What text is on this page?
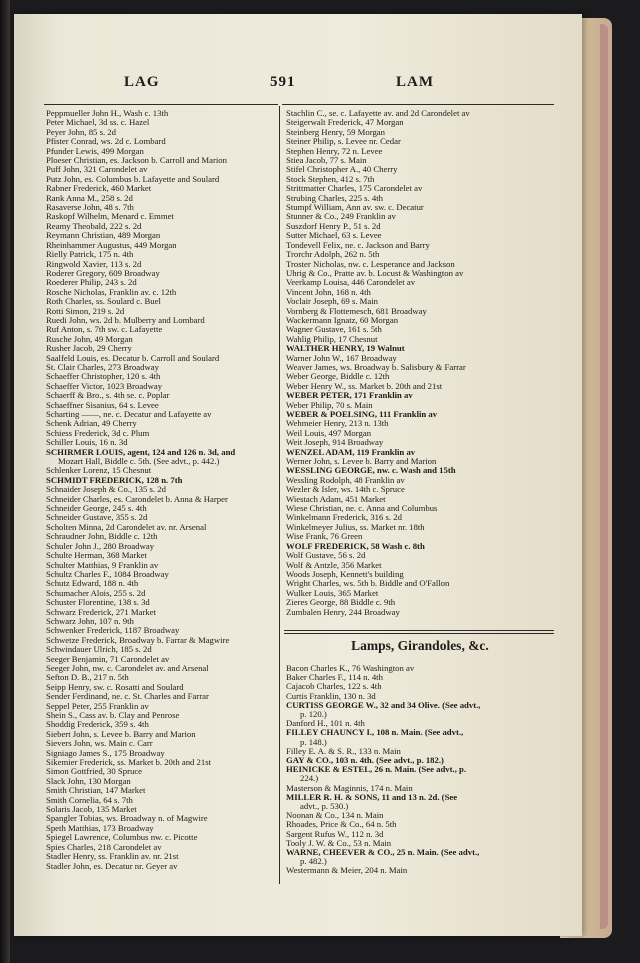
LAG	591	LAM
Peppmueller John H., Wash c. 13th
Peter Michael, 3d ss. c. Hazel
Peyer John, 85 s. 2d
Pfister Conrad, ws. 2d c. Lombard
Pfunder Lewis, 499 Morgan
Ploeser Christian, es. Jackson b. Carroll and Marion
Puff John, 321 Carondelet av
Putz John, es. Columbus b. Lafayette and Soulard
Rabner Frederick, 460 Market
Rank Anna M., 258 s. 2d
Rasaverse John, 48 s. 7th
Raskopf Wilhelm, Menard c. Emmet
Reamy Theobald, 222 s. 2d
Reymann Christian, 489 Morgan
Rheinhammer Augustus, 449 Morgan
Rielly Patrick, 175 n. 4th
Ringwold Xavier, 113 s. 2d
Roderer Gregory, 609 Broadway
Roederer Philip, 243 s. 2d
Rosche Nicholas, Franklin av. c. 12th
Roth Charles, ss. Soulard c. Buel
Rotti Simon, 219 s. 2d
Ruedi John, ws. 2d b. Mulberry and Lombard
Ruf Anton, s. 7th sw. c. Lafayette
Rusche John, 49 Morgan
Rusher Jacob, 29 Cherry
Saalfeld Louis, es. Decatur b. Carroll and Soulard
St. Clair Charles, 273 Broadway
Schaeffer Christopher, 120 s. 4th
Schaeffer Victor, 1023 Broadway
Schaerff & Bro., s. 4th se. c. Poplar
Schaeffner Sisanius, 64 s. Levee
Scharting ——, ne. c. Decatur and Lafayette av
Schenk Adrian, 49 Cherry
Schiess Frederick, 3d c. Plum
Schiller Louis, 16 n. 3d
SCHIRMER LOUIS, agent, 124 and 126 n. 3d, and
Mozart Hall, Biddle c. 5th. (See advt., p. 442.)
Schlenker Lorenz, 15 Chesnut
SCHMIDT FREDERICK, 128 n. 7th
Schnaider Joseph & Co., 135 s. 2d
Schneider Charles, es. Carondelet b. Anna & Harper
Schneider George, 245 s. 4th
Schneider Gustave, 355 s. 2d
Scholten Minna, 2d Carondelet av. nr. Arsenal
Schraudner John, Biddle c. 12th
Schuler John J., 280 Broadway
Schulte Herman, 368 Market
Schulter Matthias, 9 Franklin av
Schultz Charles F., 1084 Broadway
Schutz Edward, 188 n. 4th
Schumacher Alois, 255 s. 2d
Schuster Florentine, 138 s. 3d
Schwarz Frederick, 271 Market
Schwarz John, 107 n. 9th
Schwenker Frederick, 1187 Broadway
Schwetze Frederick, Broadway b. Farrar & Magwire
Schwindauer Ulrich, 185 s. 2d
Seeger Benjamin, 71 Carondelet av
Seeger John, nw. c. Carondelet av. and Arsenal
Sefton D. B., 217 n. 5th
Seipp Henry, sw. c. Rosatti and Soulard
Sender Ferdinand, ne. c. St. Charles and Farrar
Seppel Peter, 255 Franklin av
Shein S., Cass av. b. Clay and Penrose
Shoddig Frederick, 359 s. 4th
Siebert John, s. Levee b. Barry and Marion
Sievers John, ws. Main c. Carr
Signiago James S., 175 Broadway
Sikemier Frederick, ss. Market b. 20th and 21st
Simon Gottfried, 30 Spruce
Slack John, 130 Morgan
Smith Christian, 147 Market
Smith Cornelia, 64 s. 7th
Solaris Jacob, 135 Market
Spangler Tobias, ws. Broadway n. of Magwire
Speth Matthias, 173 Broadway
Spiegel Lawrence, Columbus nw. c. Picotte
Spies Charles, 218 Carondelet av
Stadler Henry, ss. Franklin av. nr. 21st
Stadler John, es. Decatur nr. Geyer av
Stachlin C., se. c. Lafayette av. and 2d Carondelet av
Steigerwalt Frederick, 47 Morgan
Steinberg Henry, 59 Morgan
Steiner Philip, s. Levee nr. Cedar
Stephen Henry, 72 n. Levee
Stiea Jacob, 77 s. Main
Stifel Christopher A., 40 Cherry
Stock Stephen, 412 s. 7th
Strittmatter Charles, 175 Carondelet av
Strubing Charles, 225 s. 4th
Stumpf William, Ann av. sw. c. Decatur
Stunner & Co., 249 Franklin av
Suszdorf Henry P., 51 s. 2d
Sutter Michael, 63 s. Levee
Tondevell Felix, ne. c. Jackson and Barry
Trorchr Adolph, 262 n. 5th
Troster Nicholas, nw. c. Lesperance and Jackson
Uhrig & Co., Pratte av. b. Locust & Washington av
Veerkamp Louisa, 446 Carondelet av
Vincent John, 168 n. 4th
Voclair Joseph, 69 s. Main
Vornberg & Flottemesch, 681 Broadway
Wackermann Ignatz, 60 Morgan
Wagner Gustave, 161 s. 5th
Wahlig Philip, 17 Chesnut
WALTHER HENRY, 19 Walnut
Warner John W., 167 Broadway
Weaver James, ws. Broadway b. Salisbury & Farrar
Weber George, Biddle c. 12th
Weber Henry W., ss. Market b. 20th and 21st
WEBER PETER, 171 Franklin av
Weber Philip, 70 s. Main
WEBER & POELSING, 111 Franklin av
Wehmeier Henry, 213 n. 13th
Weil Louis, 497 Morgan
Weit Joseph, 914 Broadway
WENZEL ADAM, 119 Franklin av
Werner John, s. Levee b. Barry and Marion
WESSLING GEORGE, nw. c. Wash and 15th
Wessling Rodolph, 48 Franklin av
Wezler & Isler, ws. 14th c. Spruce
Wiestach Adam, 451 Market
Wiese Christian, ne. c. Anna and Columbus
Winkelmann Frederick, 316 s. 2d
Winkelmeyer Julius, ss. Market nr. 18th
Wise Frank, 76 Green
WOLF FREDERICK, 58 Wash c. 8th
Wolf Gustave, 56 s. 2d
Wolf & Antzle, 356 Market
Woods Joseph, Kennett's building
Wright Charles, ws. 5th b. Biddle and O'Fallon
Wulker Louis, 365 Market
Zieres George, 88 Biddle c. 9th
Zumbalen Henry, 244 Broadway
Lamps, Girandoles, &c.
Bacon Charles K., 76 Washington av
Baker Charles F., 114 n. 4th
Cajacob Charles, 122 s. 4th
Curtis Franklin, 130 n. 3d
CURTISS GEORGE W., 32 and 34 Olive. (See advt.,
p. 120.)
Danford H., 101 n. 4th
FILLEY CHAUNCY I., 108 n. Main. (See advt.,
p. 148.)
Filley E. A. & S. R., 133 n. Main
GAY & CO., 103 n. 4th. (See advt., p. 182.)
HEINICKE & ESTEL, 26 n. Main. (See advt., p.
224.)
Masterson & Maginnis, 174 n. Main
MILLER R. H. & SONS, 11 and 13 n. 2d. (See
advt., p. 530.)
Noonan & Co., 134 n. Main
Rhoades, Price & Co., 64 n. 5th
Sargent Rufus W., 112 n. 3d
Tooly J. W. & Co., 53 n. Main
WARNE, CHEEVER & CO., 25 n. Main. (See advt.,
p. 482.)
Westermann & Meier, 204 n. Main
